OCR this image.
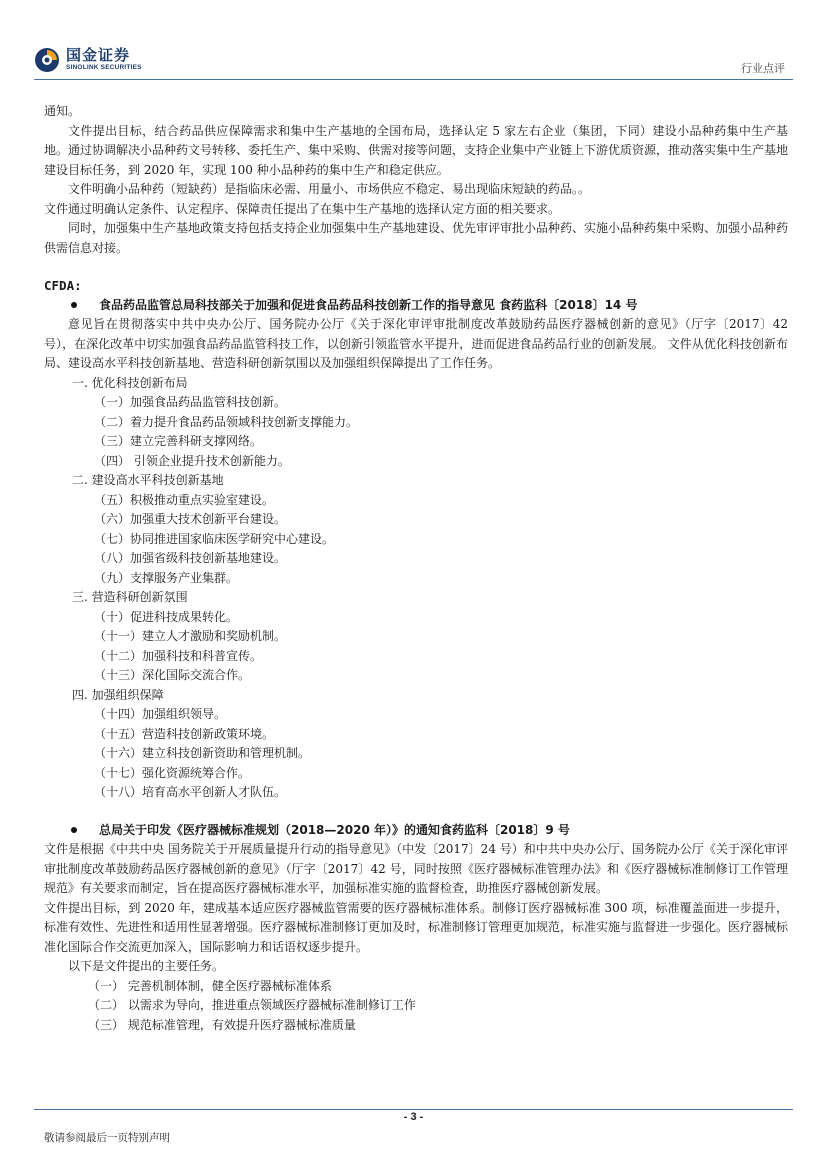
国金证券
SINOLINK SECURITIES	行业点评

通知。

文件提出目标，结合药品供应保障需求和集中生产基地的全国布局，选择认定 5 家左右企业（集团，下同）建设小品种药集中生产基地。通过协调解决小品种药文号转移、委托生产、集中采购、供需对接等问题，支持企业集中产业链上下游优质资源，推动落实集中生产基地建设目标任务，到 2020 年，实现 100 种小品种药的集中生产和稳定供应。

文件明确小品种药（短缺药）是指临床必需、用量小、市场供应不稳定、易出现临床短缺的药品。。

文件通过明确认定条件、认定程序、保障责任提出了在集中生产基地的选择认定方面的相关要求。

同时，加强集中生产基地政策支持包括支持企业加强集中生产基地建设、优先审评审批小品种药、实施小品种药集中采购、加强小品种药供需信息对接。

CFDA:
食品药品监管总局科技部关于加强和促进食品药品科技创新工作的指导意见 食药监科〔2018〕14 号

意见旨在贯彻落实中共中央办公厅、国务院办公厅《关于深化审评审批制度改革鼓励药品医疗器械创新的意见》（厅字〔2017〕42 号），在深化改革中切实加强食品药品监管科技工作，以创新引领监管水平提升，进而促进食品药品行业的创新发展。 文件从优化科技创新布局、建设高水平科技创新基地、营造科研创新氛围以及加强组织保障提出了工作任务。

一. 优化科技创新布局
（一）加强食品药品监管科技创新。
（二）着力提升食品药品领域科技创新支撑能力。
（三）建立完善科研支撑网络。
（四） 引领企业提升技术创新能力。
二. 建设高水平科技创新基地
（五）积极推动重点实验室建设。
（六）加强重大技术创新平台建设。
（七）协同推进国家临床医学研究中心建设。
（八）加强省级科技创新基地建设。
（九）支撑服务产业集群。
三. 营造科研创新氛围
（十）促进科技成果转化。
（十一）建立人才激励和奖励机制。
（十二）加强科技和科普宣传。
（十三）深化国际交流合作。
四. 加强组织保障
（十四）加强组织领导。
（十五）营造科技创新政策环境。
（十六）建立科技创新资助和管理机制。
（十七）强化资源统筹合作。
（十八）培育高水平创新人才队伍。
总局关于印发《医疗器械标准规划（2018—2020 年）》的通知食药监科〔2018〕9 号

文件是根据《中共中央 国务院关于开展质量提升行动的指导意见》（中发〔2017〕24 号）和中共中央办公厅、国务院办公厅《关于深化审评审批制度改革鼓励药品医疗器械创新的意见》（厅字〔2017〕42 号，同时按照《医疗器械标准管理办法》和《医疗器械标准制修订工作管理规范》有关要求而制定，旨在提高医疗器械标准水平，加强标准实施的监督检查，助推医疗器械创新发展。

文件提出目标，到 2020 年，建成基本适应医疗器械监管需要的医疗器械标准体系。制修订医疗器械标准 300 项，标准覆盖面进一步提升，标准有效性、先进性和适用性显著增强。医疗器械标准制修订更加及时，标准制修订管理更加规范，标准实施与监督进一步强化。医疗器械标准化国际合作交流更加深入，国际影响力和话语权逐步提升。

以下是文件提出的主要任务。

（一） 完善机制体制，健全医疗器械标准体系
（二） 以需求为导向，推进重点领域医疗器械标准制修订工作
（三） 规范标准管理，有效提升医疗器械标准质量
- 3 -
敬请参阅最后一页特别声明
